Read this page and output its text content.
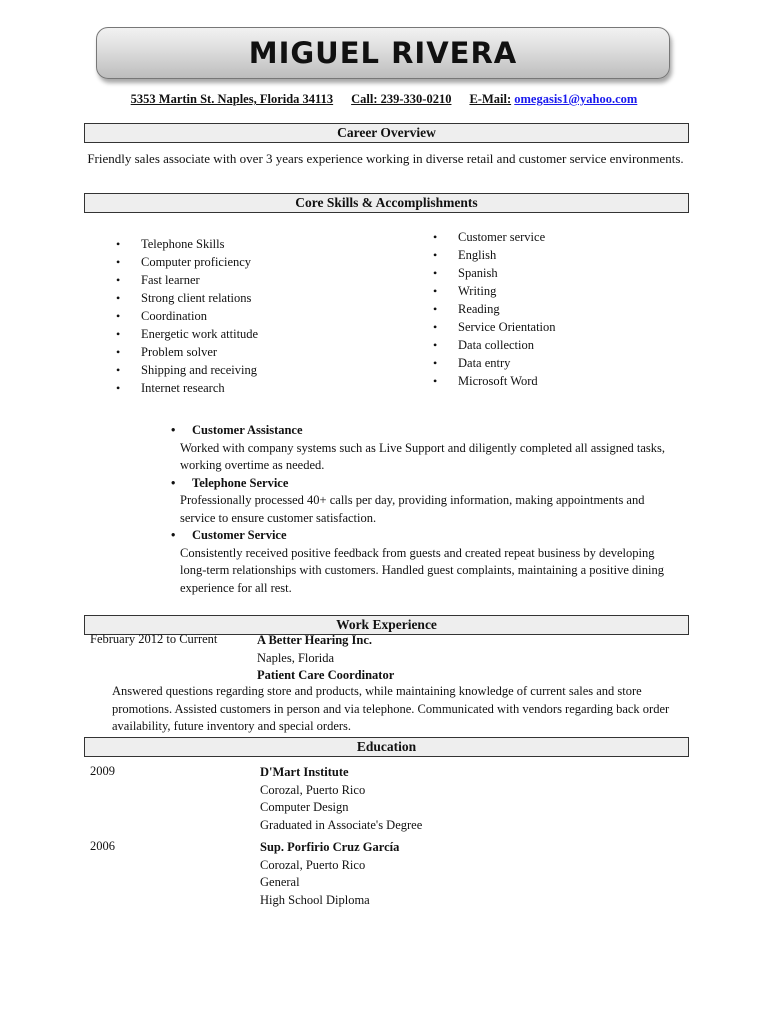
MIGUEL RIVERA
5353 Martin St. Naples, Florida 34113 Call: 239-330-0210 E-Mail: omegasis1@yahoo.com
Career Overview
Friendly sales associate with over 3 years experience working in diverse retail and customer service environments.
Core Skills & Accomplishments
• Telephone Skills
• Computer proficiency
• Fast learner
• Strong client relations
• Coordination
• Energetic work attitude
• Problem solver
• Shipping and receiving
• Internet research
• Customer service
• English
• Spanish
• Writing
• Reading
• Service Orientation
• Data collection
• Data entry
• Microsoft Word
• Customer Assistance
Worked with company systems such as Live Support and diligently completed all assigned tasks, working overtime as needed.
• Telephone Service
Professionally processed 40+ calls per day, providing information, making appointments and service to ensure customer satisfaction.
• Customer Service
Consistently received positive feedback from guests and created repeat business by developing long-term relationships with customers. Handled guest complaints, maintaining a positive dining experience for all rest.
Work Experience
February 2012 to Current	A Better Hearing Inc.
Naples, Florida
Patient Care Coordinator
Answered questions regarding store and products, while maintaining knowledge of current sales and store promotions. Assisted customers in person and via telephone. Communicated with vendors regarding back order availability, future inventory and special orders.
Education
2009	D'Mart Institute
Corozal, Puerto Rico
Computer Design
Graduated in Associate's Degree
2006	Sup. Porfirio Cruz García
Corozal, Puerto Rico
General
High School Diploma
